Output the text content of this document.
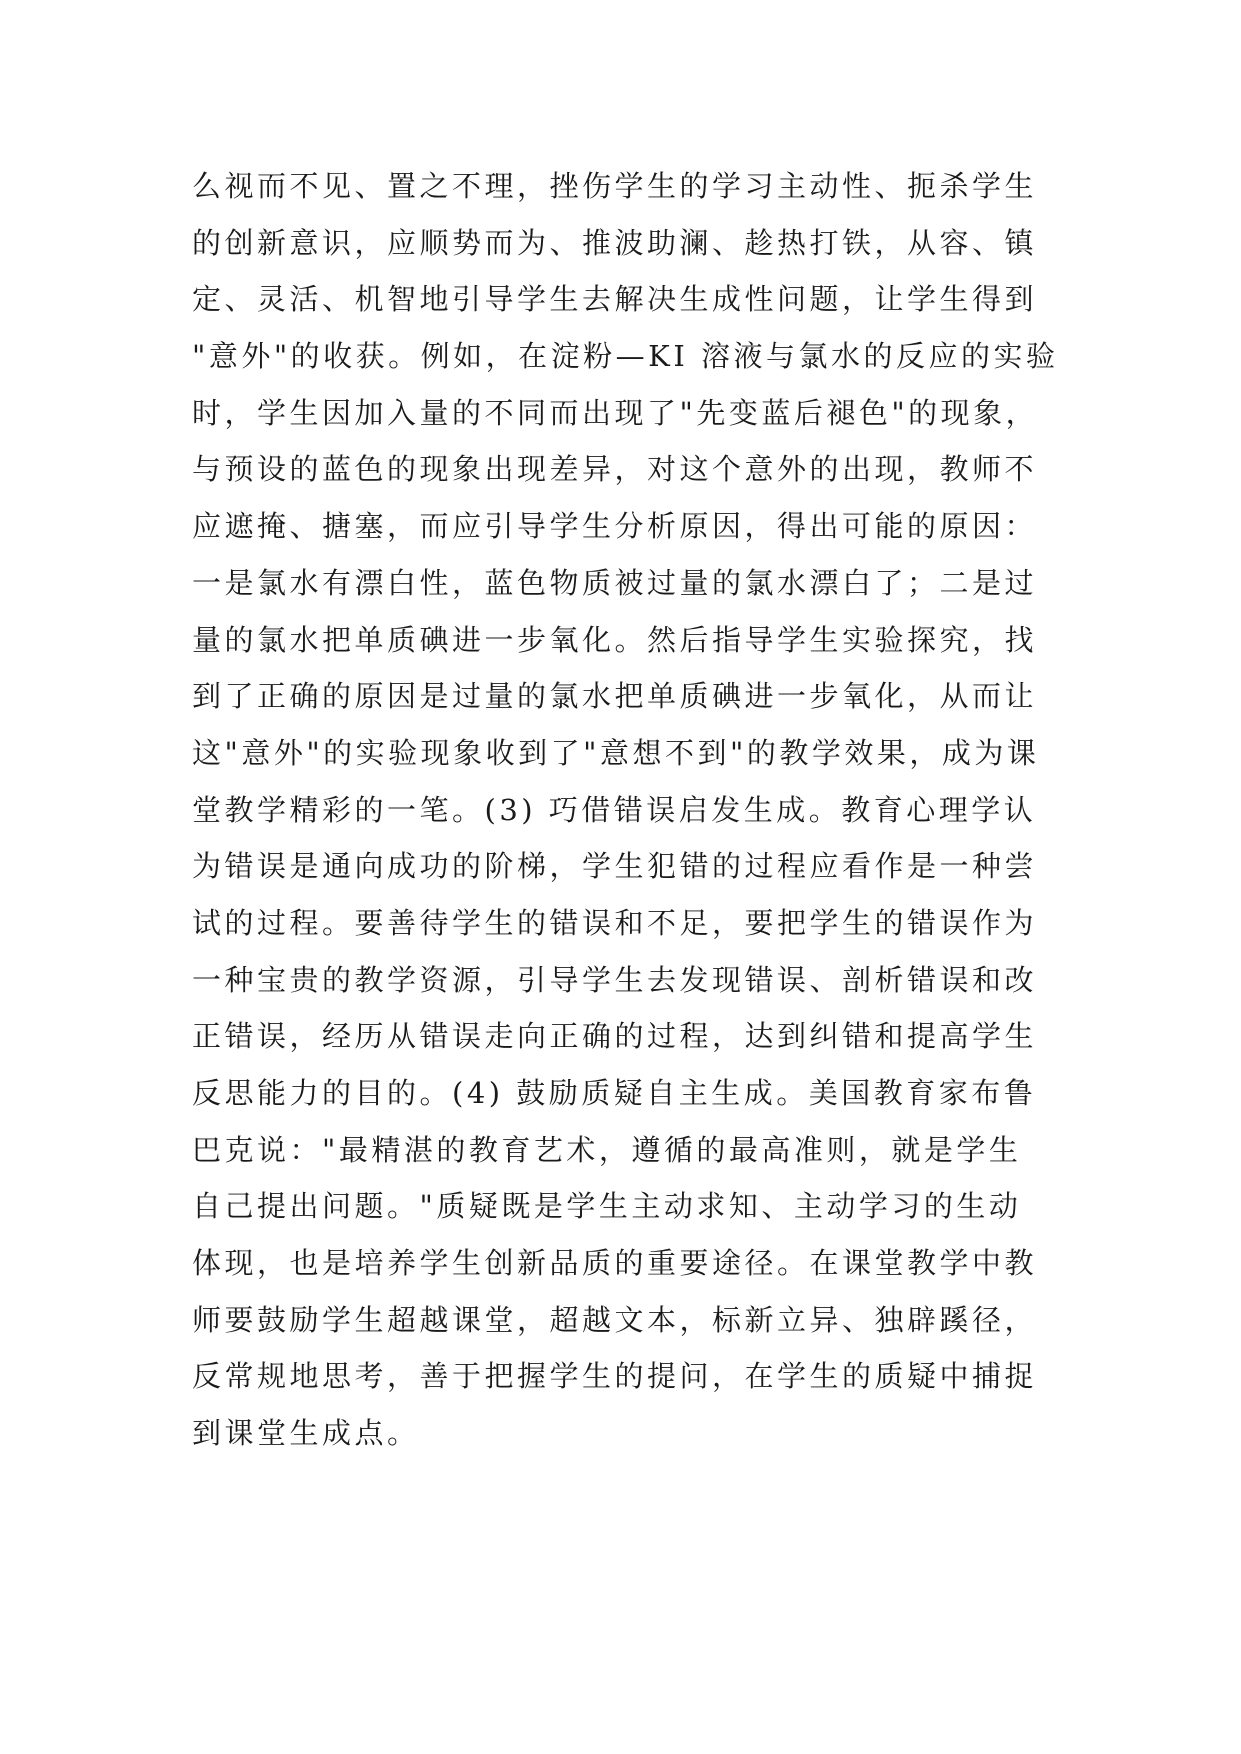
么视而不见、置之不理，挫伤学生的学习主动性、扼杀学生
的创新意识，应顺势而为、推波助澜、趁热打铁，从容、镇
定、灵活、机智地引导学生去解决生成性问题，让学生得到
"意外"的收获。例如，在淀粉—KI 溶液与氯水的反应的实验
时，学生因加入量的不同而出现了"先变蓝后褪色"的现象，
与预设的蓝色的现象出现差异，对这个意外的出现，教师不
应遮掩、搪塞，而应引导学生分析原因，得出可能的原因：
一是氯水有漂白性，蓝色物质被过量的氯水漂白了；二是过
量的氯水把单质碘进一步氧化。然后指导学生实验探究，找
到了正确的原因是过量的氯水把单质碘进一步氧化，从而让
这"意外"的实验现象收到了"意想不到"的教学效果，成为课
堂教学精彩的一笔。(3) 巧借错误启发生成。教育心理学认
为错误是通向成功的阶梯，学生犯错的过程应看作是一种尝
试的过程。要善待学生的错误和不足，要把学生的错误作为
一种宝贵的教学资源，引导学生去发现错误、剖析错误和改
正错误，经历从错误走向正确的过程，达到纠错和提高学生
反思能力的目的。(4) 鼓励质疑自主生成。美国教育家布鲁
巴克说："最精湛的教育艺术，遵循的最高准则，就是学生
自己提出问题。"质疑既是学生主动求知、主动学习的生动
体现，也是培养学生创新品质的重要途径。在课堂教学中教
师要鼓励学生超越课堂，超越文本，标新立异、独辟蹊径，
反常规地思考，善于把握学生的提问，在学生的质疑中捕捉
到课堂生成点。
